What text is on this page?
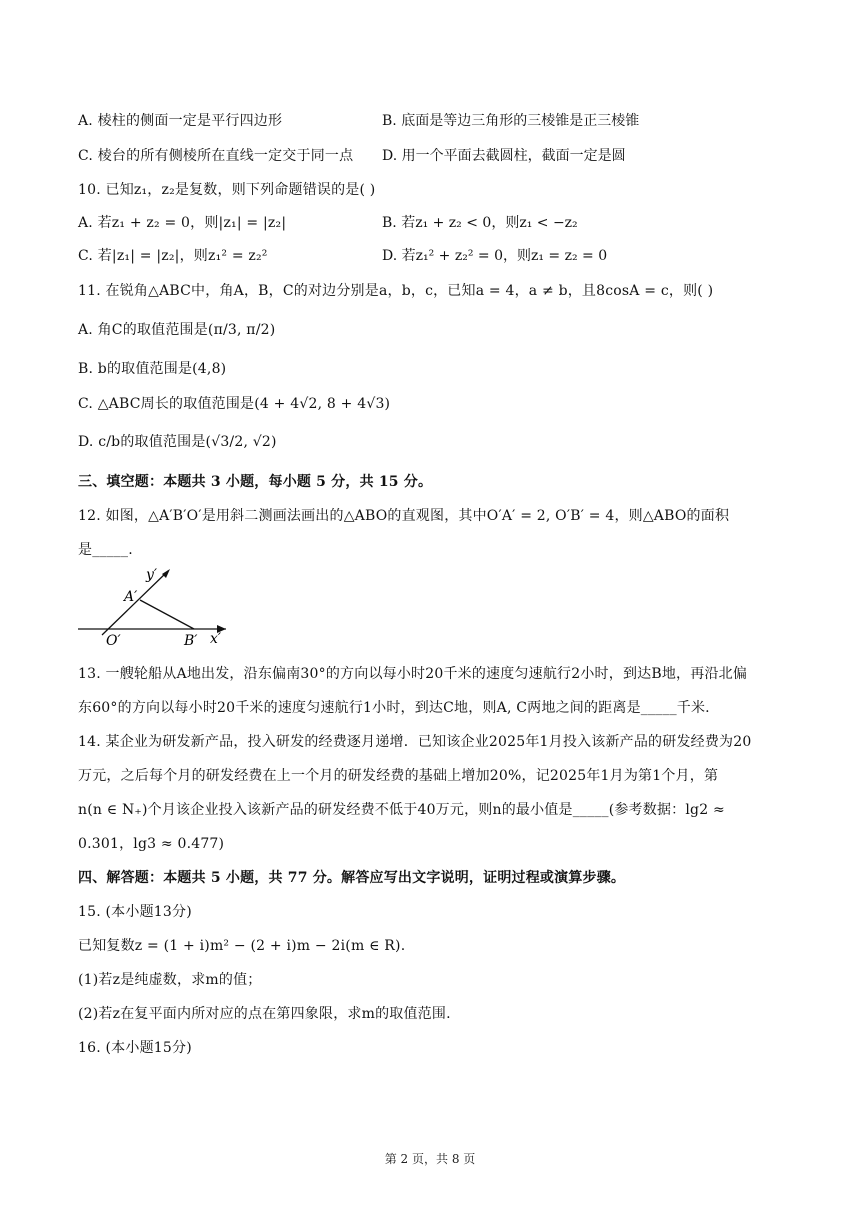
A. 棱柱的侧面一定是平行四边形	B. 底面是等边三角形的三棱锥是正三棱锥
C. 棱台的所有侧棱所在直线一定交于同一点 D. 用一个平面去截圆柱，截面一定是圆
10. 已知z₁，z₂是复数，则下列命题错误的是( )
A. 若z₁ + z₂ = 0，则|z₁| = |z₂|	B. 若z₁ + z₂ < 0，则z₁ < −z₂
C. 若|z₁| = |z₂|，则z₁² = z₂²	D. 若z₁² + z₂² = 0，则z₁ = z₂ = 0
11. 在锐角△ABC中，角A，B，C的对边分别是a，b，c，已知a = 4，a ≠ b，且8cosA = c，则( )
A. 角C的取值范围是(π/3, π/2)
B. b的取值范围是(4,8)
C. △ABC周长的取值范围是(4 + 4√2, 8 + 4√3)
D. c/b的取值范围是(√3/2, √2)
三、填空题：本题共 3 小题，每小题 5 分，共 15 分。
12. 如图，△A′B′O′是用斜二测画法画出的△ABO的直观图，其中O′A′ = 2, O′B′ = 4，则△ABO的面积
是_____.
y′
A′
O′	B′ x′
13. 一艘轮船从A地出发，沿东偏南30°的方向以每小时20千米的速度匀速航行2小时，到达B地，再沿北偏
东60°的方向以每小时20千米的速度匀速航行1小时，到达C地，则A, C两地之间的距离是_____千米.
14. 某企业为研发新产品，投入研发的经费逐月递增．已知该企业2025年1月投入该新产品的研发经费为20
万元，之后每个月的研发经费在上一个月的研发经费的基础上增加20%，记2025年1月为第1个月，第
n(n ∈ N₊)个月该企业投入该新产品的研发经费不低于40万元，则n的最小值是_____(参考数据：lg2 ≈
0.301，lg3 ≈ 0.477)
四、解答题：本题共 5 小题，共 77 分。解答应写出文字说明，证明过程或演算步骤。
15. (本小题13分)
已知复数z = (1 + i)m² − (2 + i)m − 2i(m ∈ R).
(1)若z是纯虚数，求m的值；
(2)若z在复平面内所对应的点在第四象限，求m的取值范围.
16. (本小题15分)
第 2 页，共 8 页
